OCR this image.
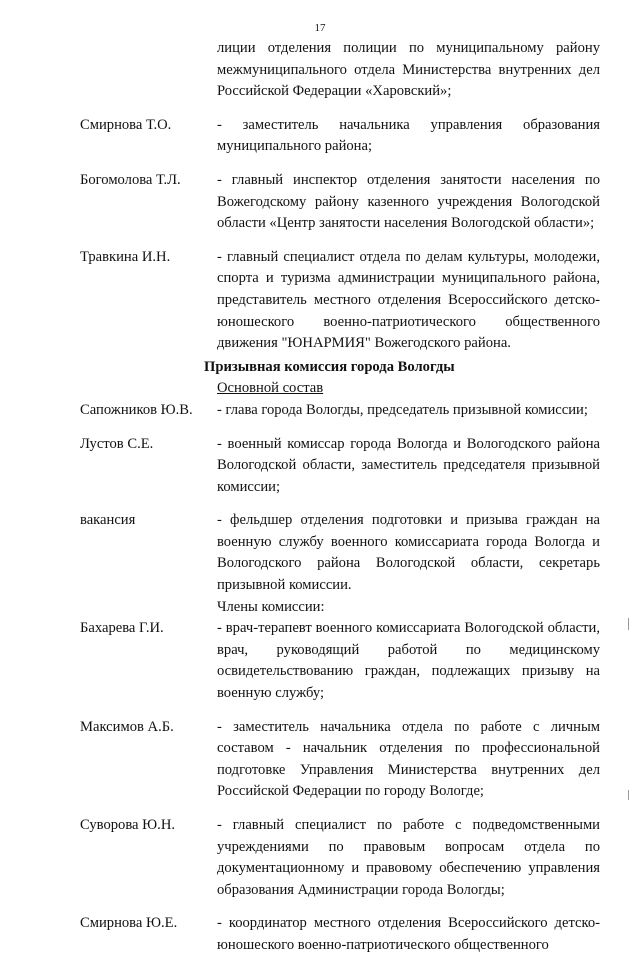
17
лиции отделения полиции по муниципальному району межмуниципального отдела Министерства внутренних дел Российской Федерации «Харовский»;
Смирнова Т.О.	- заместитель начальника управления образования муниципального района;
Богомолова Т.Л.	- главный инспектор отделения занятости населения по Вожегодскому району казенного учреждения Вологодской области «Центр занятости населения Вологодской области»;
Травкина И.Н.	- главный специалист отдела по делам культуры, молодежи, спорта и туризма администрации муниципального района, представитель местного отделения Всероссийского детско-юношеского военно-патриотического общественного движения "ЮНАРМИЯ" Вожегодского района.
Призывная комиссия города Вологды
Основной состав
Сапожников Ю.В.	- глава города Вологды, председатель призывной комиссии;
Лустов С.Е.	- военный комиссар города Вологда и Вологодского района Вологодской области, заместитель председателя призывной комиссии;
вакансия	- фельдшер отделения подготовки и призыва граждан на военную службу военного комиссариата города Вологда и Вологодского района Вологодской области, секретарь призывной комиссии.
Члены комиссии:
Бахарева Г.И.	- врач-терапевт военного комиссариата Вологодской области, врач, руководящий работой по медицинскому освидетельствованию граждан, подлежащих призыву на военную службу;
Максимов А.Б.	- заместитель начальника отдела по работе с личным составом - начальник отделения по профессиональной подготовке Управления Министерства внутренних дел Российской Федерации по городу Вологде;
Суворова Ю.Н.	- главный специалист по работе с подведомственными учреждениями по правовым вопросам отдела по документационному и правовому обеспечению управления образования Администрации города Вологды;
Смирнова Ю.Е.	- координатор местного отделения Всероссийского детско-юношеского военно-патриотического общественного
